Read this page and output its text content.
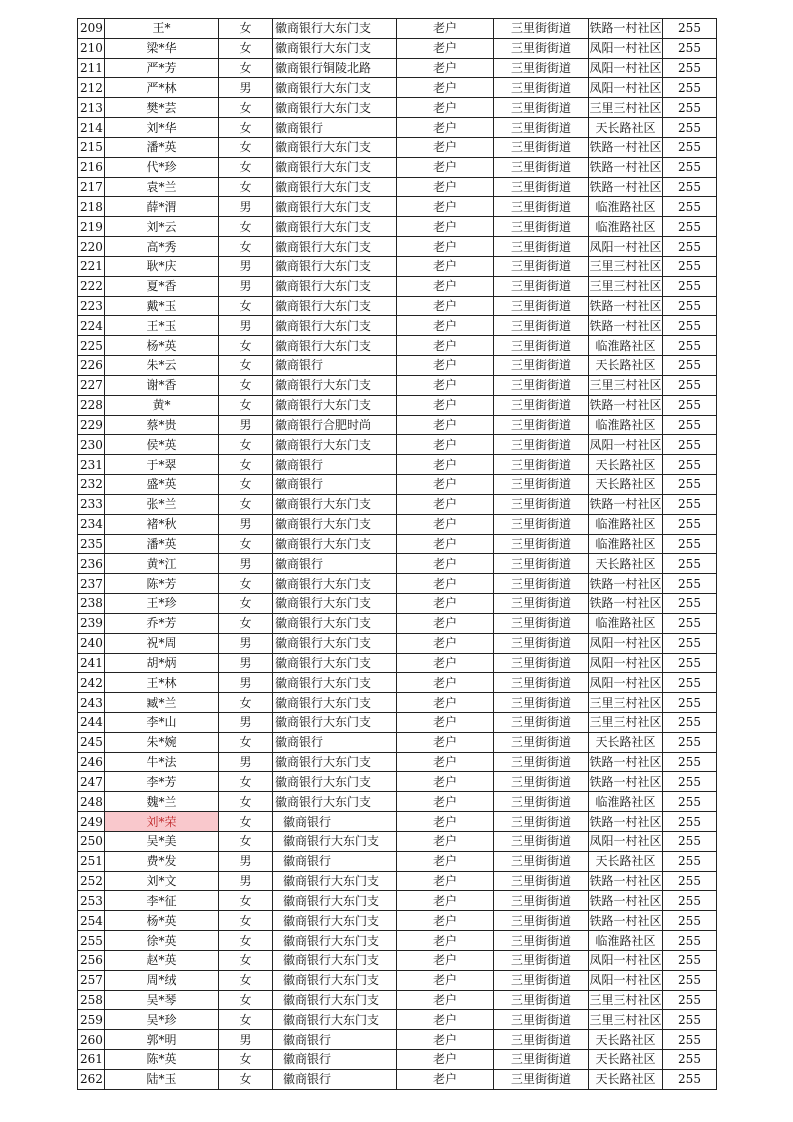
209	王*	女	徽商银行大东门支	老户	三里街街道	铁路一村社区	255
210	梁*华	女	徽商银行大东门支	老户	三里街街道	凤阳一村社区	255
211	严*芳	女	徽商银行铜陵北路	老户	三里街街道	凤阳一村社区	255
212	严*林	男	徽商银行大东门支	老户	三里街街道	凤阳一村社区	255
213	樊*芸	女	徽商银行大东门支	老户	三里街街道	三里三村社区	255
214	刘*华	女	徽商银行	老户	三里街街道	天长路社区	255
215	潘*英	女	徽商银行大东门支	老户	三里街街道	铁路一村社区	255
216	代*珍	女	徽商银行大东门支	老户	三里街街道	铁路一村社区	255
217	袁*兰	女	徽商银行大东门支	老户	三里街街道	铁路一村社区	255
218	薛*渭	男	徽商银行大东门支	老户	三里街街道	临淮路社区	255
219	刘*云	女	徽商银行大东门支	老户	三里街街道	临淮路社区	255
220	高*秀	女	徽商银行大东门支	老户	三里街街道	凤阳一村社区	255
221	耿*庆	男	徽商银行大东门支	老户	三里街街道	三里三村社区	255
222	夏*香	男	徽商银行大东门支	老户	三里街街道	三里三村社区	255
223	戴*玉	女	徽商银行大东门支	老户	三里街街道	铁路一村社区	255
224	王*玉	男	徽商银行大东门支	老户	三里街街道	铁路一村社区	255
225	杨*英	女	徽商银行大东门支	老户	三里街街道	临淮路社区	255
226	朱*云	女	徽商银行	老户	三里街街道	天长路社区	255
227	谢*香	女	徽商银行大东门支	老户	三里街街道	三里三村社区	255
228	黄*	女	徽商银行大东门支	老户	三里街街道	铁路一村社区	255
229	蔡*贵	男	徽商银行合肥时尚	老户	三里街街道	临淮路社区	255
230	侯*英	女	徽商银行大东门支	老户	三里街街道	凤阳一村社区	255
231	于*翠	女	徽商银行	老户	三里街街道	天长路社区	255
232	盛*英	女	徽商银行	老户	三里街街道	天长路社区	255
233	张*兰	女	徽商银行大东门支	老户	三里街街道	铁路一村社区	255
234	褚*秋	男	徽商银行大东门支	老户	三里街街道	临淮路社区	255
235	潘*英	女	徽商银行大东门支	老户	三里街街道	临淮路社区	255
236	黄*江	男	徽商银行	老户	三里街街道	天长路社区	255
237	陈*芳	女	徽商银行大东门支	老户	三里街街道	铁路一村社区	255
238	王*珍	女	徽商银行大东门支	老户	三里街街道	铁路一村社区	255
239	乔*芳	女	徽商银行大东门支	老户	三里街街道	临淮路社区	255
240	祝*周	男	徽商银行大东门支	老户	三里街街道	凤阳一村社区	255
241	胡*炳	男	徽商银行大东门支	老户	三里街街道	凤阳一村社区	255
242	王*林	男	徽商银行大东门支	老户	三里街街道	凤阳一村社区	255
243	臧*兰	女	徽商银行大东门支	老户	三里街街道	三里三村社区	255
244	李*山	男	徽商银行大东门支	老户	三里街街道	三里三村社区	255
245	朱*婉	女	徽商银行	老户	三里街街道	天长路社区	255
246	牛*法	男	徽商银行大东门支	老户	三里街街道	铁路一村社区	255
247	李*芳	女	徽商银行大东门支	老户	三里街街道	铁路一村社区	255
248	魏*兰	女	徽商银行大东门支	老户	三里街街道	临淮路社区	255
249	刘*荣	女	徽商银行	老户	三里街街道	铁路一村社区	255
250	吴*美	女	徽商银行大东门支	老户	三里街街道	凤阳一村社区	255
251	费*发	男	徽商银行	老户	三里街街道	天长路社区	255
252	刘*文	男	徽商银行大东门支	老户	三里街街道	铁路一村社区	255
253	李*征	女	徽商银行大东门支	老户	三里街街道	铁路一村社区	255
254	杨*英	女	徽商银行大东门支	老户	三里街街道	铁路一村社区	255
255	徐*英	女	徽商银行大东门支	老户	三里街街道	临淮路社区	255
256	赵*英	女	徽商银行大东门支	老户	三里街街道	凤阳一村社区	255
257	周*绒	女	徽商银行大东门支	老户	三里街街道	凤阳一村社区	255
258	吴*琴	女	徽商银行大东门支	老户	三里街街道	三里三村社区	255
259	吴*珍	女	徽商银行大东门支	老户	三里街街道	三里三村社区	255
260	郭*明	男	徽商银行	老户	三里街街道	天长路社区	255
261	陈*英	女	徽商银行	老户	三里街街道	天长路社区	255
262	陆*玉	女	徽商银行	老户	三里街街道	天长路社区	255
